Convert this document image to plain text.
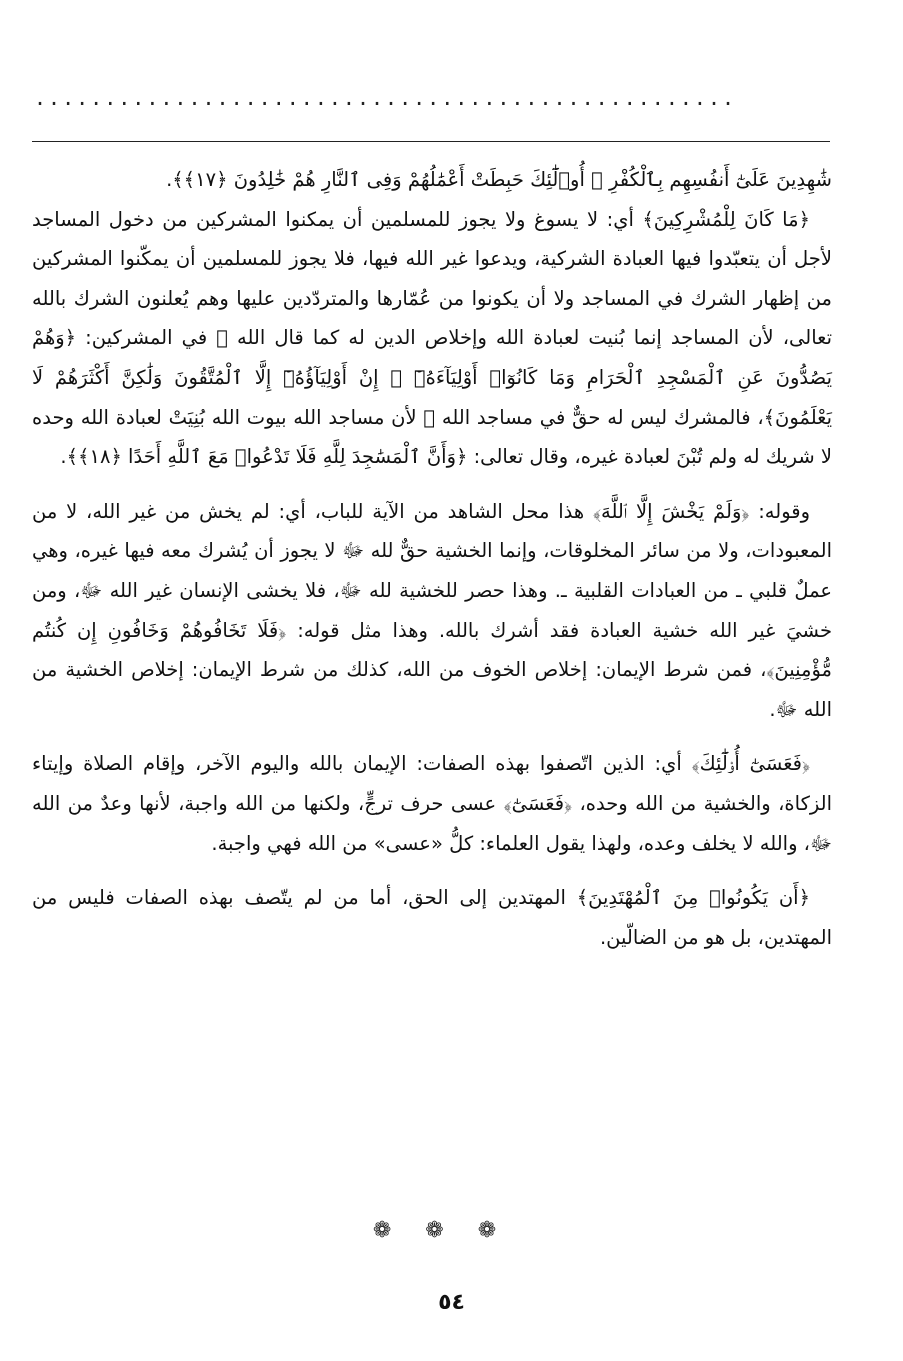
..................................................

شَٰهِدِينَ عَلَىٰٓ أَنفُسِهِم بِٱلْكُفْرِ ۚ أُو۟لَٰٓئِكَ حَبِطَتْ أَعْمَٰلُهُمْ وَفِى ٱلنَّارِ هُمْ خَٰلِدُونَ ﴿١٧﴾﴾.

﴿مَا كَانَ لِلْمُشْرِكِينَ﴾ أي: لا يسوغ ولا يجوز للمسلمين أن يمكنوا المشركين من دخول المساجد لأجل أن يتعبّدوا فيها العبادة الشركية، ويدعوا غير الله فيها، فلا يجوز للمسلمين أن يمكّنوا المشركين من إظهار الشرك في المساجد ولا أن يكونوا من عُمّارها والمتردّدين عليها وهم يُعلنون الشرك بالله تعالى، لأن المساجد إنما بُنيت لعبادة الله وإخلاص الدين له كما قال الله ﷻ في المشركين: ﴿وَهُمْ يَصُدُّونَ عَنِ ٱلْمَسْجِدِ ٱلْحَرَامِ وَمَا كَانُوٓا۟ أَوْلِيَآءَهُۥٓ ۚ إِنْ أَوْلِيَآؤُهُۥٓ إِلَّا ٱلْمُتَّقُونَ وَلَٰكِنَّ أَكْثَرَهُمْ لَا يَعْلَمُونَ﴾، فالمشرك ليس له حقٌّ في مساجد الله ﷻ لأن مساجد الله بيوت الله بُنِيَتْ لعبادة الله وحده لا شريك له ولم تُبْنَ لعبادة غيره، وقال تعالى: ﴿وَأَنَّ ٱلْمَسَٰجِدَ لِلَّهِ فَلَا تَدْعُوا۟ مَعَ ٱللَّهِ أَحَدًا ﴿١٨﴾﴾.

وقوله: ﴿وَلَمْ يَخْشَ إِلَّا ٱللَّهَ﴾ هذا محل الشاهد من الآية للباب، أي: لم يخش من غير الله، لا من المعبودات، ولا من سائر المخلوقات، وإنما الخشية حقٌّ لله ﷻ لا يجوز أن يُشرك معه فيها غيره، وهي عملٌ قلبي ـ من العبادات القلبية ـ. وهذا حصر للخشية لله ﷻ، فلا يخشى الإنسان غير الله ﷻ، ومن خشيَ غير الله خشية العبادة فقد أشرك بالله. وهذا مثل قوله: ﴿فَلَا تَخَافُوهُمْ وَخَافُونِ إِن كُنتُم مُّؤْمِنِينَ﴾، فمن شرط الإيمان: إخلاص الخوف من الله، كذلك من شرط الإيمان: إخلاص الخشية من الله ﷻ.

﴿فَعَسَىٰٓ أُو۟لَٰٓئِكَ﴾ أي: الذين اتّصفوا بهذه الصفات: الإيمان بالله واليوم الآخر، وإقام الصلاة وإيتاء الزكاة، والخشية من الله وحده، ﴿فَعَسَىٰٓ﴾ عسى حرف ترجٍّ، ولكنها من الله واجبة، لأنها وعدٌ من الله ﷻ، والله لا يخلف وعده، ولهذا يقول العلماء: كلُّ «عسى» من الله فهي واجبة.

﴿أَن يَكُونُوا۟ مِنَ ٱلْمُهْتَدِينَ﴾ المهتدين إلى الحق، أما من لم يتّصف بهذه الصفات فليس من المهتدين، بل هو من الضالّين.

❁❁❁
٥٤
